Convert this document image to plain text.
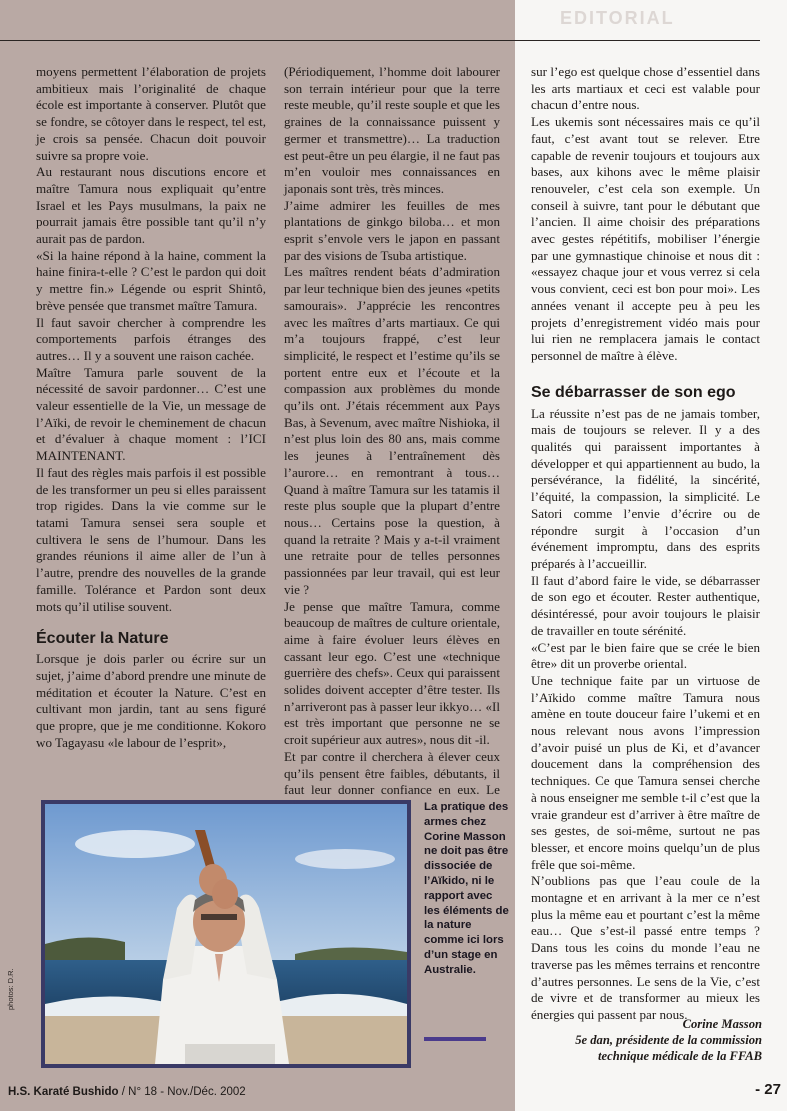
EDITORIAL

moyens permettent l’élaboration de projets ambitieux mais l’originalité de chaque école est importante à conserver. Plutôt que se fondre, se côtoyer dans le respect, tel est, je crois sa pensée. Chacun doit pouvoir suivre sa propre voie.

Au restaurant nous discutions encore et maître Tamura nous expliquait qu’entre Israel et les Pays musulmans, la paix ne pourrait jamais être possible tant qu’il n’y aurait pas de pardon.

«Si la haine répond à la haine, comment la haine finira-t-elle ? C’est le pardon qui doit y mettre fin.» Légende ou esprit Shintô, brève pensée que transmet maître Tamura.

Il faut savoir chercher à comprendre les comportements parfois étranges des autres… Il y a souvent une raison cachée.

Maître Tamura parle souvent de la nécessité de savoir pardonner… C’est une valeur essentielle de la Vie, un message de l’Aïki, de revoir le cheminement de chacun et d’évaluer à chaque moment : l’ICI MAINTENANT.

Il faut des règles mais parfois il est possible de les transformer un peu si elles paraissent trop rigides. Dans la vie comme sur le tatami Tamura sensei sera souple et cultivera le sens de l’humour. Dans les grandes réunions il aime aller de l’un à l’autre, prendre des nouvelles de la grande famille. Tolérance et Pardon sont deux mots qu’il utilise souvent.

Écouter la Nature

Lorsque je dois parler ou écrire sur un sujet, j’aime d’abord prendre une minute de méditation et écouter la Nature. C’est en cultivant mon jardin, tant au sens figuré que propre, que je me conditionne. Kokoro wo Tagayasu «le labour de l’esprit»,

(Périodiquement, l’homme doit labourer son terrain intérieur pour que la terre reste meuble, qu’il reste souple et que les graines de la connaissance puissent y germer et transmettre)… La traduction est peut-être un peu élargie, il ne faut pas m’en vouloir mes connaissances en japonais sont très, très minces.

J’aime admirer les feuilles de mes plantations de ginkgo biloba… et mon esprit s’envole vers le japon en passant par des visions de Tsuba artistique.

Les maîtres rendent béats d’admiration par leur technique bien des jeunes «petits samourais». J’apprécie les rencontres avec les maîtres d’arts martiaux. Ce qui m’a toujours frappé, c’est leur simplicité, le respect et l’estime qu’ils se portent entre eux et l’écoute et la compassion aux problèmes du monde qu’ils ont. J’étais récemment aux Pays Bas, à Sevenum, avec maître Nishioka, il n’est plus loin des 80 ans, mais comme les jeunes à l’entraînement dès l’aurore… en remontrant à tous… Quand à maître Tamura sur les tatamis il reste plus souple que la plupart d’entre nous… Certains pose la question, à quand la retraite ? Mais y a-t-il vraiment une retraite pour de telles personnes passionnées par leur travail, qui est leur vie ?

Je pense que maître Tamura, comme beaucoup de maîtres de culture orientale, aime à faire évoluer leurs élèves en cassant leur ego. C’est une «technique guerrière des chefs». Ceux qui paraissent solides doivent accepter d’être tester. Ils n’arriveront pas à passer leur ikkyo… «Il est très important que personne ne se croit supérieur aux autres», nous dit -il.

Et par contre il cherchera à élever ceux qu’ils pensent être faibles, débutants, il faut leur donner confiance en eux. Le

sur l’ego est quelque chose d’essentiel dans les arts martiaux et ceci est valable pour chacun d’entre nous.

Les ukemis sont nécessaires mais ce qu’il faut, c’est avant tout se relever. Etre capable de revenir toujours et toujours aux bases, aux kihons avec le même plaisir renouveler, c’est cela son exemple. Un conseil à suivre, tant pour le débutant que l’ancien. Il aime choisir des préparations avec gestes répétitifs, mobiliser l’énergie par une gymnastique chinoise et nous dit : «essayez chaque jour et vous verrez si cela vous convient, ceci est bon pour moi». Les années venant il accepte peu à peu les projets d’enregistrement vidéo mais pour lui rien ne remplacera jamais le contact personnel de maître à élève.

Se débarrasser de son ego

La réussite n’est pas de ne jamais tomber, mais de toujours se relever. Il y a des qualités qui paraissent importantes à développer et qui appartiennent au budo, la persévérance, la fidélité, la sincérité, l’équité, la compassion, la simplicité. Le Satori comme l’envie d’écrire ou de répondre surgit à l’occasion d’un événement impromptu, dans des esprits préparés à l’accueillir.

Il faut d’abord faire le vide, se débarrasser de son ego et écouter. Rester authentique, désintéressé, pour avoir toujours le plaisir de travailler en toute sérénité.

«C’est par le bien faire que se crée le bien être» dit un proverbe oriental.

Une technique faite par un virtuose de l’Aïkido comme maître Tamura nous amène en toute douceur faire l’ukemi et en nous relevant nous avons l’impression d’avoir puisé un plus de Ki, et d’avancer doucement dans la compréhension des techniques. Ce que Tamura sensei cherche à nous enseigner me semble t-il c’est que la vraie grandeur est d’arriver à être maître de ses gestes, de soi-même, surtout ne pas blesser, et encore moins quelqu’un de plus frêle que soi-même.

N’oublions pas que l’eau coule de la montagne et en arrivant à la mer ce n’est plus la même eau et pourtant c’est la même eau… Que s’est-il passé entre temps ? Dans tous les coins du monde l’eau ne traverse pas les mêmes terrains et rencontre d’autres personnes. Le sens de la Vie, c’est de vivre et de transformer au mieux les énergies qui passent par nous.

Corine Masson
5e dan, présidente de la commission
technique médicale de la FFAB
photos: D.R.
La pratique des armes chez Corine Masson ne doit pas être dissociée de l’Aïkido, ni le rapport avec les éléments de la nature comme ici lors d’un stage en Australie.
H.S. Karaté Bushido / N° 18 - Nov./Déc. 2002	- 27
